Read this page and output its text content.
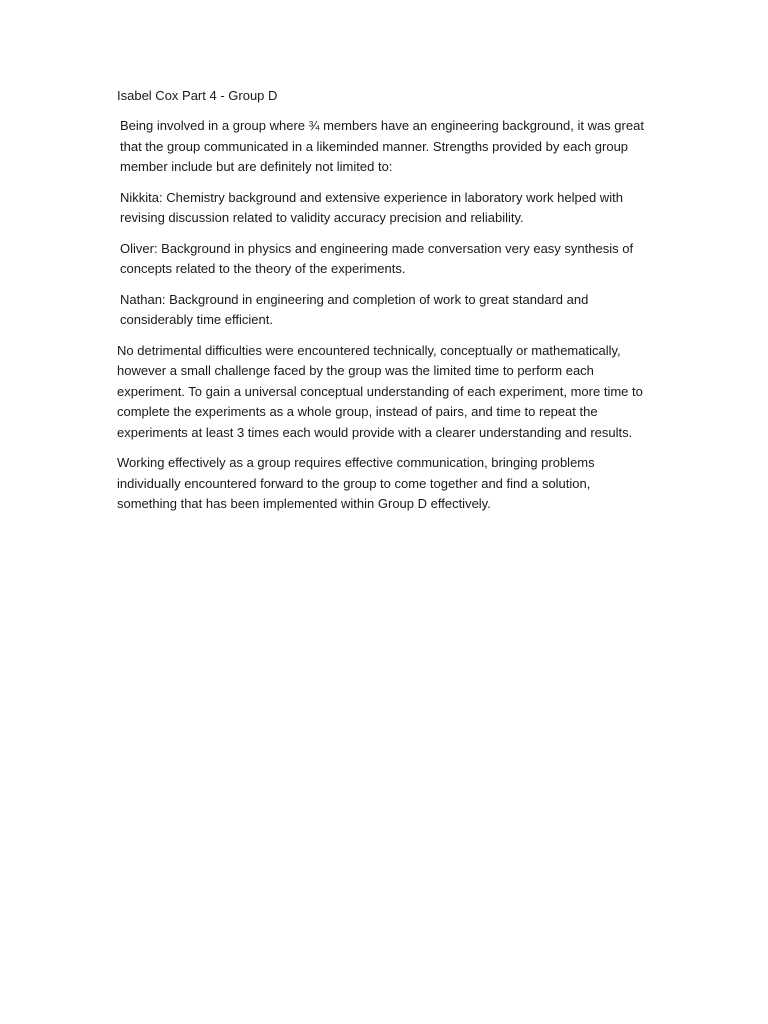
Isabel Cox Part 4 - Group D

Being involved in a group where ¾ members have an engineering background, it was great that the group communicated in a likeminded manner. Strengths provided by each group member include but are definitely not limited to:

Nikkita: Chemistry background and extensive experience in laboratory work helped with revising discussion related to validity accuracy precision and reliability.

Oliver: Background in physics and engineering made conversation very easy synthesis of concepts related to the theory of the experiments.

Nathan: Background in engineering and completion of work to great standard and considerably time efficient.

No detrimental difficulties were encountered technically, conceptually or mathematically, however a small challenge faced by the group was the limited time to perform each experiment. To gain a universal conceptual understanding of each experiment, more time to complete the experiments as a whole group, instead of pairs, and time to repeat the experiments at least 3 times each would provide with a clearer understanding and results.

Working effectively as a group requires effective communication, bringing problems individually encountered forward to the group to come together and find a solution, something that has been implemented within Group D effectively.
